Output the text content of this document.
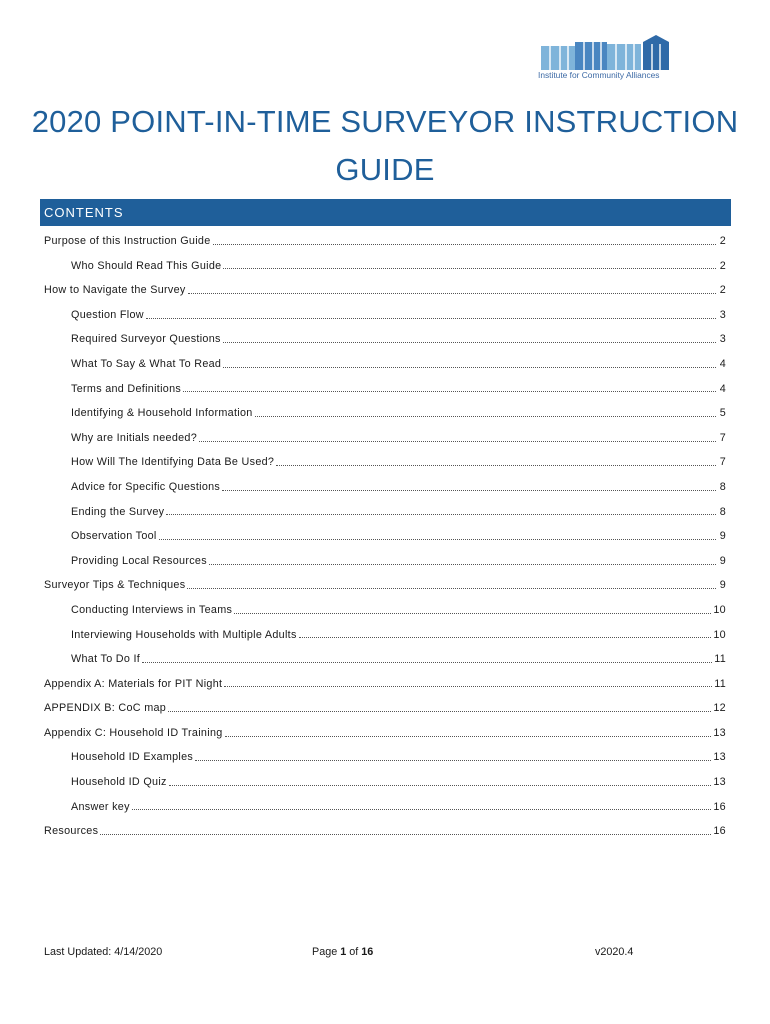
Institute for Community Alliances
2020 POINT-IN-TIME SURVEYOR INSTRUCTION GUIDE
CONTENTS
Purpose of this Instruction Guide	2
Who Should Read This Guide	2
How to Navigate the Survey	2
Question Flow	3
Required Surveyor Questions	3
What To Say & What To Read	4
Terms and Definitions	4
Identifying & Household Information	5
Why are Initials needed?	7
How Will The Identifying Data Be Used?	7
Advice for Specific Questions	8
Ending the Survey	8
Observation Tool	9
Providing Local Resources	9
Surveyor Tips & Techniques	9
Conducting Interviews in Teams	10
Interviewing Households with Multiple Adults	10
What To Do If	11
Appendix A: Materials for PIT Night	11
APPENDIX B: CoC map	12
Appendix C: Household ID Training	13
Household ID Examples	13
Household ID Quiz	13
Answer key	16
Resources	16
Last Updated: 4/14/2020	Page 1 of 16	v2020.4
